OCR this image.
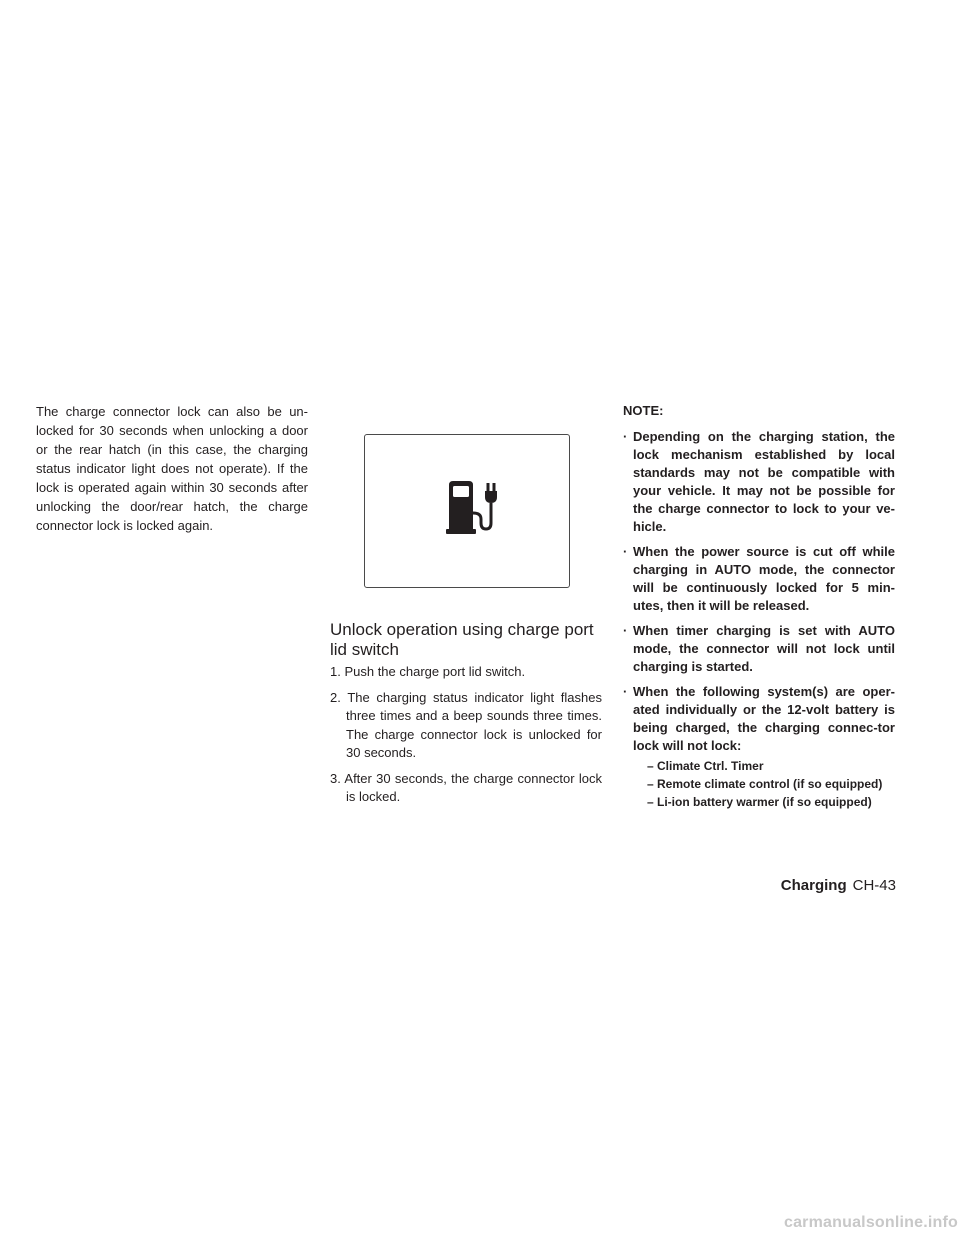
The charge connector lock can also be un-locked for 30 seconds when unlocking a door or the rear hatch (in this case, the charging status indicator light does not operate). If the lock is operated again within 30 seconds after unlocking the door/rear hatch, the charge connector lock is locked again.

Unlock operation using charge port lid switch
1. Push the charge port lid switch.
2. The charging status indicator light flashes three times and a beep sounds three times. The charge connector lock is unlocked for 30 seconds.
3. After 30 seconds, the charge connector lock is locked.
NOTE:
· Depending on the charging station, the lock mechanism established by local standards may not be compatible with your vehicle. It may not be possible for the charge connector to lock to your ve-hicle.
· When the power source is cut off while charging in AUTO mode, the connector will be continuously locked for 5 min-utes, then it will be released.
· When timer charging is set with AUTO mode, the connector will not lock until charging is started.
· When the following system(s) are oper-ated individually or the 12-volt battery is being charged, the charging connec-tor lock will not lock:
– Climate Ctrl. Timer
– Remote climate control (if so equipped)
– Li-ion battery warmer (if so equipped)
Charging CH-43
carmanualsonline.info
